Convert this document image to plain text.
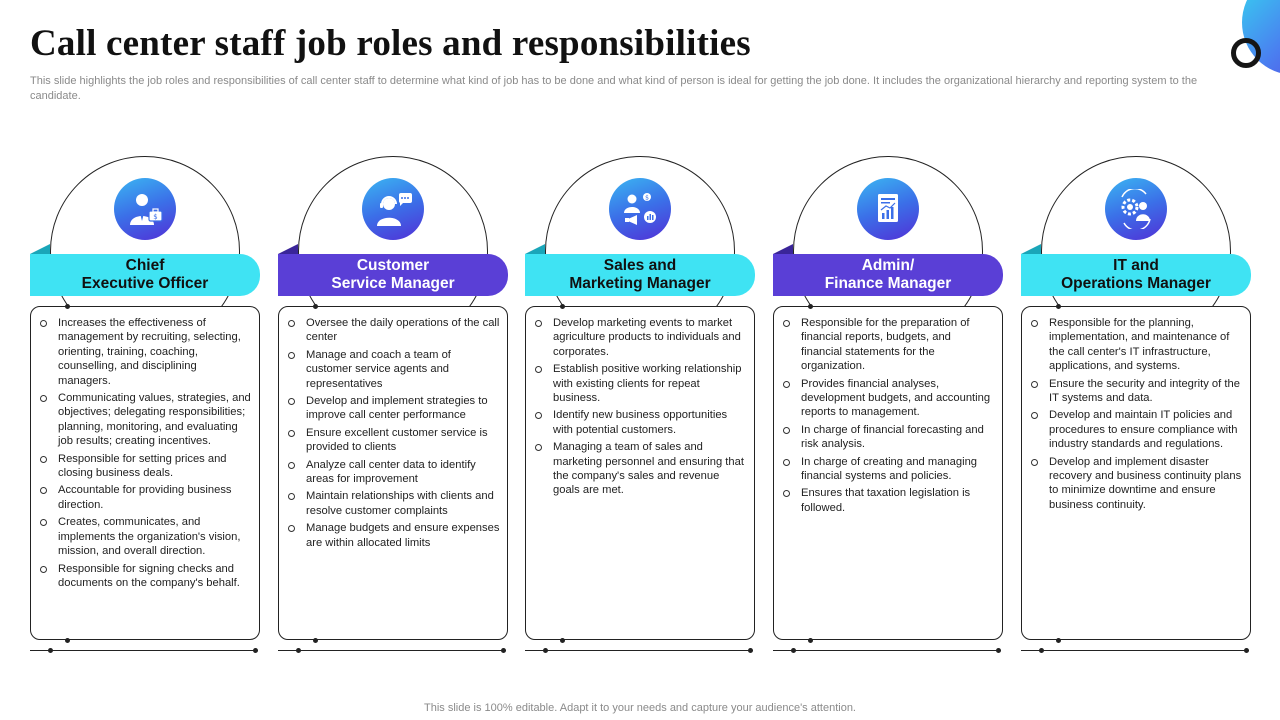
Call center staff job roles and responsibilities

This slide highlights the job roles and responsibilities of call center staff to determine what kind of job has to be done and what kind of person is ideal for getting the job done. It includes the organizational hierarchy and reporting system to the candidate.

$
Chief
Executive Officer
Increases the effectiveness of management by recruiting, selecting, orienting, training, coaching, counselling, and disciplining managers.
Communicating values, strategies, and objectives; delegating responsibilities; planning, monitoring, and evaluating job results; creating incentives.
Responsible for setting prices and closing business deals.
Accountable for providing business direction.
Creates, communicates, and implements the organization's vision, mission, and overall direction.
Responsible for signing checks and documents on the company's behalf.
Customer
Service Manager
Oversee the daily operations of the call center
Manage and coach a team of customer service agents and representatives
Develop and implement strategies to improve call center performance
Ensure excellent customer service is provided to clients
Analyze call center data to identify areas for improvement
Maintain relationships with clients and resolve customer complaints
Manage budgets and ensure expenses are within allocated limits
$
Sales and
Marketing Manager
Develop marketing events to market agriculture products to individuals and corporates.
Establish positive working relationship with existing clients for repeat business.
Identify new business opportunities with potential customers.
Managing a team of sales and marketing personnel and ensuring that the company's sales and revenue goals are met.
Admin/
Finance Manager
Responsible for the preparation of financial reports, budgets, and financial statements for the organization.
Provides financial analyses, development budgets, and accounting reports to management.
In charge of financial forecasting and risk analysis.
In charge of creating and managing financial systems and policies.
Ensures that taxation legislation is followed.
IT and
Operations Manager
Responsible for the planning, implementation, and maintenance of the call center's IT infrastructure, applications, and systems.
Ensure the security and integrity of the IT systems and data.
Develop and maintain IT policies and procedures to ensure compliance with industry standards and regulations.
Develop and implement disaster recovery and business continuity plans to minimize downtime and ensure business continuity.

This slide is 100% editable. Adapt it to your needs and capture your audience's attention.
